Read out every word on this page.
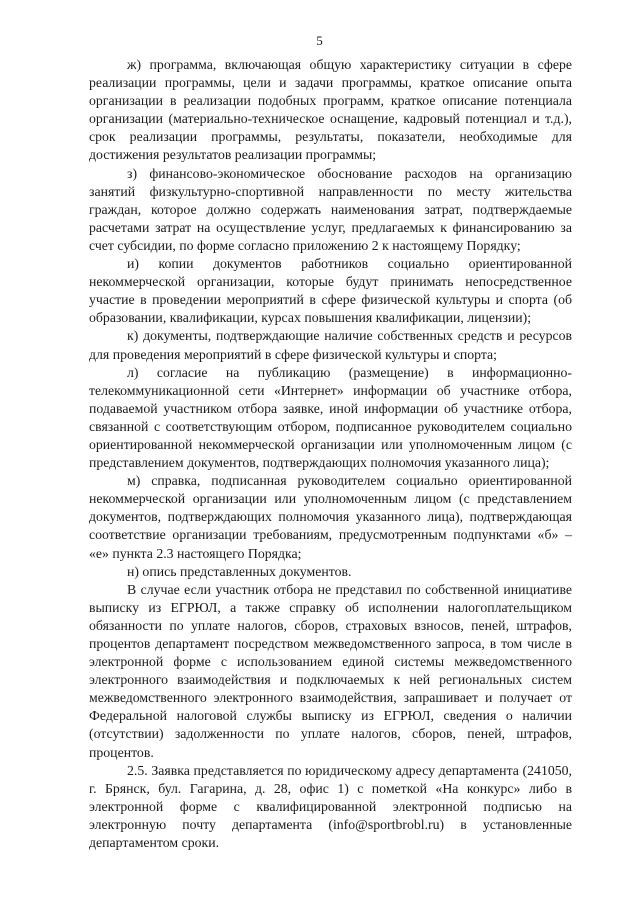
5

ж) программа, включающая общую характеристику ситуации в сфере реализации программы, цели и задачи программы, краткое описание опыта организации в реализации подобных программ, краткое описание потенциала организации (материально-техническое оснащение, кадровый потенциал и т.д.), срок реализации программы, результаты, показатели, необходимые для достижения результатов реализации программы;

з) финансово-экономическое обоснование расходов на организацию занятий физкультурно-спортивной направленности по месту жительства граждан, которое должно содержать наименования затрат, подтверждаемые расчетами затрат на осуществление услуг, предлагаемых к финансированию за счет субсидии, по форме согласно приложению 2 к настоящему Порядку;

и) копии документов работников социально ориентированной некоммерческой организации, которые будут принимать непосредственное участие в проведении мероприятий в сфере физической культуры и спорта (об образовании, квалификации, курсах повышения квалификации, лицензии);

к) документы, подтверждающие наличие собственных средств и ресурсов для проведения мероприятий в сфере физической культуры и спорта;

л) согласие на публикацию (размещение) в информационно-телекоммуникационной сети «Интернет» информации об участнике отбора, подаваемой участником отбора заявке, иной информации об участнике отбора, связанной с соответствующим отбором, подписанное руководителем социально ориентированной некоммерческой организации или уполномоченным лицом (с представлением документов, подтверждающих полномочия указанного лица);

м) справка, подписанная руководителем социально ориентированной некоммерческой организации или уполномоченным лицом (с представлением документов, подтверждающих полномочия указанного лица), подтверждающая соответствие организации требованиям, предусмотренным подпунктами «б» – «е» пункта 2.3 настоящего Порядка;

н) опись представленных документов.

В случае если участник отбора не представил по собственной инициативе выписку из ЕГРЮЛ, а также справку об исполнении налогоплательщиком обязанности по уплате налогов, сборов, страховых взносов, пеней, штрафов, процентов департамент посредством межведомственного запроса, в том числе в электронной форме с использованием единой системы межведомственного электронного взаимодействия и подключаемых к ней региональных систем межведомственного электронного взаимодействия, запрашивает и получает от Федеральной налоговой службы выписку из ЕГРЮЛ, сведения о наличии (отсутствии) задолженности по уплате налогов, сборов, пеней, штрафов, процентов.

2.5. Заявка представляется по юридическому адресу департамента (241050, г. Брянск, бул. Гагарина, д. 28, офис 1) с пометкой «На конкурс» либо в электронной форме с квалифицированной электронной подписью на электронную почту департамента (info@sportbrobl.ru) в установленные департаментом сроки.
